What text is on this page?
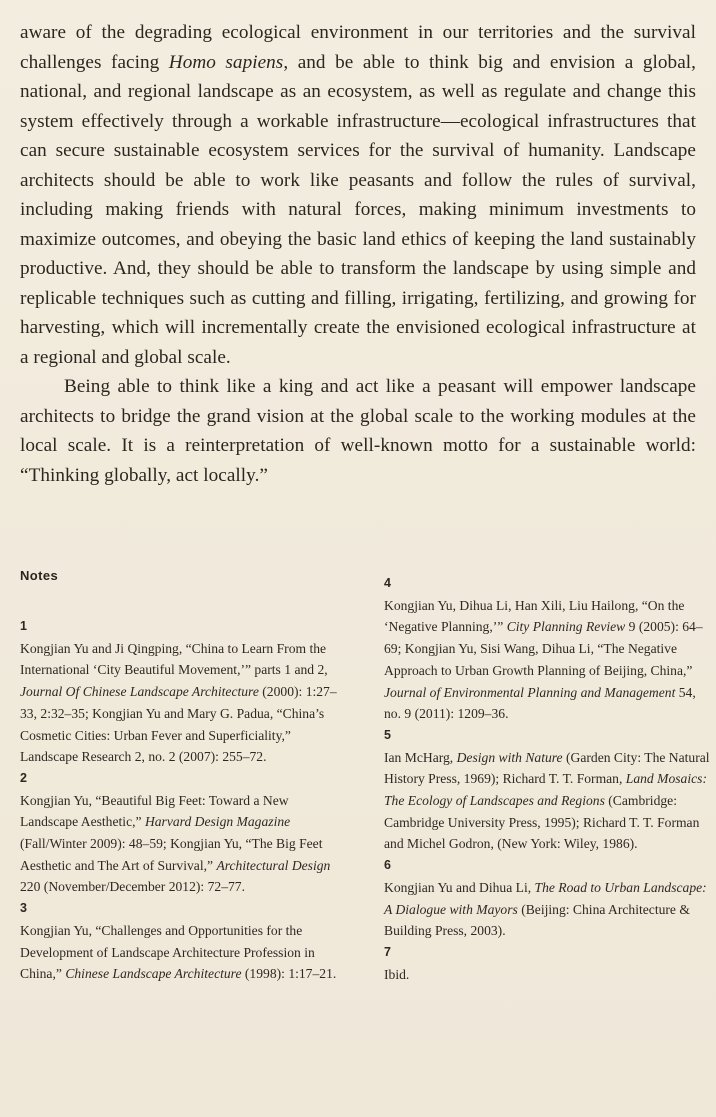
aware of the degrading ecological environment in our territories and the survival challenges facing Homo sapiens, and be able to think big and envision a global, national, and regional landscape as an ecosystem, as well as regulate and change this system effectively through a workable infrastructure—ecological infrastructures that can secure sustainable ecosystem services for the survival of humanity. Landscape architects should be able to work like peasants and follow the rules of survival, including making friends with natural forces, making minimum investments to maximize outcomes, and obeying the basic land ethics of keeping the land sustainably productive. And, they should be able to transform the landscape by using simple and replicable techniques such as cutting and filling, irrigating, fertilizing, and growing for harvesting, which will incrementally create the envisioned ecological infrastructure at a regional and global scale.

Being able to think like a king and act like a peasant will empower landscape architects to bridge the grand vision at the global scale to the working modules at the local scale. It is a reinterpretation of well-known motto for a sustainable world: “Thinking globally, act locally.”

Notes
1
Kongjian Yu and Ji Qingping, “China to Learn From the International ‘City Beautiful Movement,’” parts 1 and 2, Journal Of Chinese Landscape Architecture (2000): 1:27–33, 2:32–35; Kongjian Yu and Mary G. Padua, “China’s Cosmetic Cities: Urban Fever and Superficiality,” Landscape Research 2, no. 2 (2007): 255–72.
2
Kongjian Yu, “Beautiful Big Feet: Toward a New Landscape Aesthetic,” Harvard Design Magazine (Fall/Winter 2009): 48–59; Kongjian Yu, “The Big Feet Aesthetic and The Art of Survival,” Architectural Design 220 (November/December 2012): 72–77.
3
Kongjian Yu, “Challenges and Opportunities for the Development of Landscape Architecture Profession in China,” Chinese Landscape Architecture (1998): 1:17–21.
4
Kongjian Yu, Dihua Li, Han Xili, Liu Hailong, “On the ‘Negative Planning,’” City Planning Review 9 (2005): 64–69; Kongjian Yu, Sisi Wang, Dihua Li, “The Negative Approach to Urban Growth Planning of Beijing, China,” Journal of Environmental Planning and Management 54, no. 9 (2011): 1209–36.
5
Ian McHarg, Design with Nature (Garden City: The Natural History Press, 1969); Richard T. T. Forman, Land Mosaics: The Ecology of Landscapes and Regions (Cambridge: Cambridge University Press, 1995); Richard T. T. Forman and Michel Godron, (New York: Wiley, 1986).
6
Kongjian Yu and Dihua Li, The Road to Urban Landscape: A Dialogue with Mayors (Beijing: China Architecture & Building Press, 2003).
7
Ibid.
